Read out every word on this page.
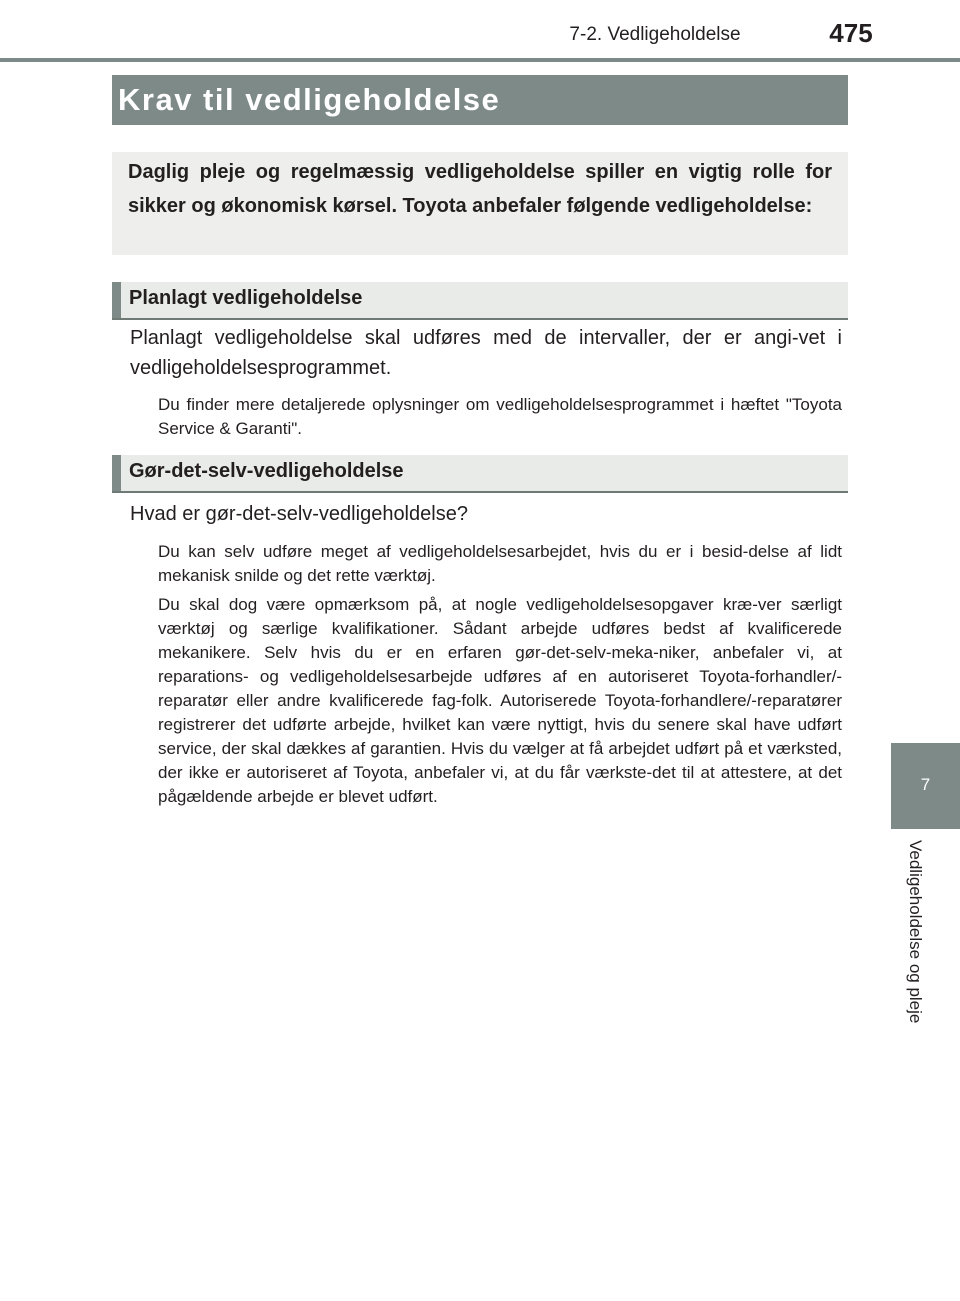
7-2. Vedligeholdelse	475
Krav til vedligeholdelse
Daglig pleje og regelmæssig vedligeholdelse spiller en vigtig rolle for sikker og økonomisk kørsel. Toyota anbefaler følgende vedligeholdelse:
Planlagt vedligeholdelse
Planlagt vedligeholdelse skal udføres med de intervaller, der er angi-vet i vedligeholdelsesprogrammet.
Du finder mere detaljerede oplysninger om vedligeholdelsesprogrammet i hæftet "Toyota Service & Garanti".
Gør-det-selv-vedligeholdelse
Hvad er gør-det-selv-vedligeholdelse?
Du kan selv udføre meget af vedligeholdelsesarbejdet, hvis du er i besid-delse af lidt mekanisk snilde og det rette værktøj.
Du skal dog være opmærksom på, at nogle vedligeholdelsesopgaver kræ-ver særligt værktøj og særlige kvalifikationer. Sådant arbejde udføres bedst af kvalificerede mekanikere. Selv hvis du er en erfaren gør-det-selv-meka-niker, anbefaler vi, at reparations- og vedligeholdelsesarbejde udføres af en autoriseret Toyota-forhandler/-reparatør eller andre kvalificerede fag-folk. Autoriserede Toyota-forhandlere/-reparatører registrerer det udførte arbejde, hvilket kan være nyttigt, hvis du senere skal have udført service, der skal dækkes af garantien. Hvis du vælger at få arbejdet udført på et værksted, der ikke er autoriseret af Toyota, anbefaler vi, at du får værkste-det til at attestere, at det pågældende arbejde er blevet udført.
7
Vedligeholdelse og pleje
